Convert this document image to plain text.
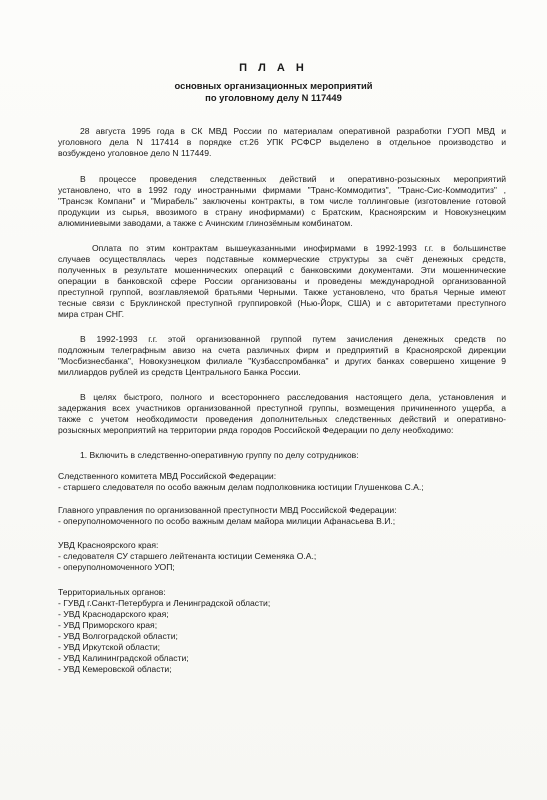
П Л А Н
основных организационных мероприятий
по уголовному делу N 117449
28 августа 1995 года в СК МВД России по материалам оперативной разработки ГУОП МВД и
уголовного дела N 117414 в порядке ст.26 УПК РСФСР выделено в отдельное производство и
возбуждено уголовное дело N 117449.
В процессе проведения следственных действий и оперативно-розыскных мероприятий
установлено, что в 1992 году иностранными фирмами "Транс-Коммодитиз", "Транс-Сис-Коммодитиз" ,
"Трансэк Компани" и "Мирабель" заключены контракты, в том числе толлинговые (изготовление готовой
продукции из сырья, ввозимого в страну инофирмами) с Братским, Красноярским и Новокузнецким
алюминиевыми заводами, а также с Ачинским глинозёмным комбинатом.
Оплата по этим контрактам вышеуказанными инофирмами в 1992-1993 г.г. в большинстве
случаев осуществлялась через подставные коммерческие структуры за счёт денежных средств,
полученных в результате мошеннических операций с банковскими документами. Эти мошеннические
операции в банковской сфере России организованы и проведены международной организованной
преступной группой, возглавляемой братьями Черными. Также установлено, что братья Черные имеют
тесные связи с Бруклинской преступной группировкой (Нью-Йорк, США) и с авторитетами преступного
мира стран СНГ.
В 1992-1993 г.г. этой организованной группой путем зачисления денежных средств по
подложным телеграфным авизо на счета различных фирм и предприятий в Красноярской дирекции
"Мосбизнесбанка", Новокузнецком филиале "Кузбасспромбанка" и других банках совершено хищение 9
миллиардов рублей из средств Центрального Банка России.
В целях быстрого, полного и всестороннего расследования настоящего дела, установления и
задержания всех участников организованной преступной группы, возмещения причиненного ущерба, а
также с учетом необходимости проведения дополнительных следственных действий и оперативно-
розыскных мероприятий на территории ряда городов Российской Федерации по делу необходимо:
1. Включить в следственно-оперативную группу по делу сотрудников:
Следственного комитета МВД Российской Федерации:
- старшего следователя по особо важным делам подполковника юстиции Глушенкова С.А.;
Главного управления по организованной преступности МВД Российской Федерации:
- оперуполномоченного по особо важным делам майора милиции Афанасьева В.И.;
УВД Красноярского края:
- следователя СУ старшего лейтенанта юстиции Семеняка О.А.;
- оперуполномоченного УОП;
Территориальных органов:
- ГУВД г.Санкт-Петербурга и Ленинградской области;
- УВД Краснодарского края;
- УВД Приморского края;
- УВД Волгоградской области;
- УВД Иркутской области;
- УВД Калининградской области;
- УВД Кемеровской области;
